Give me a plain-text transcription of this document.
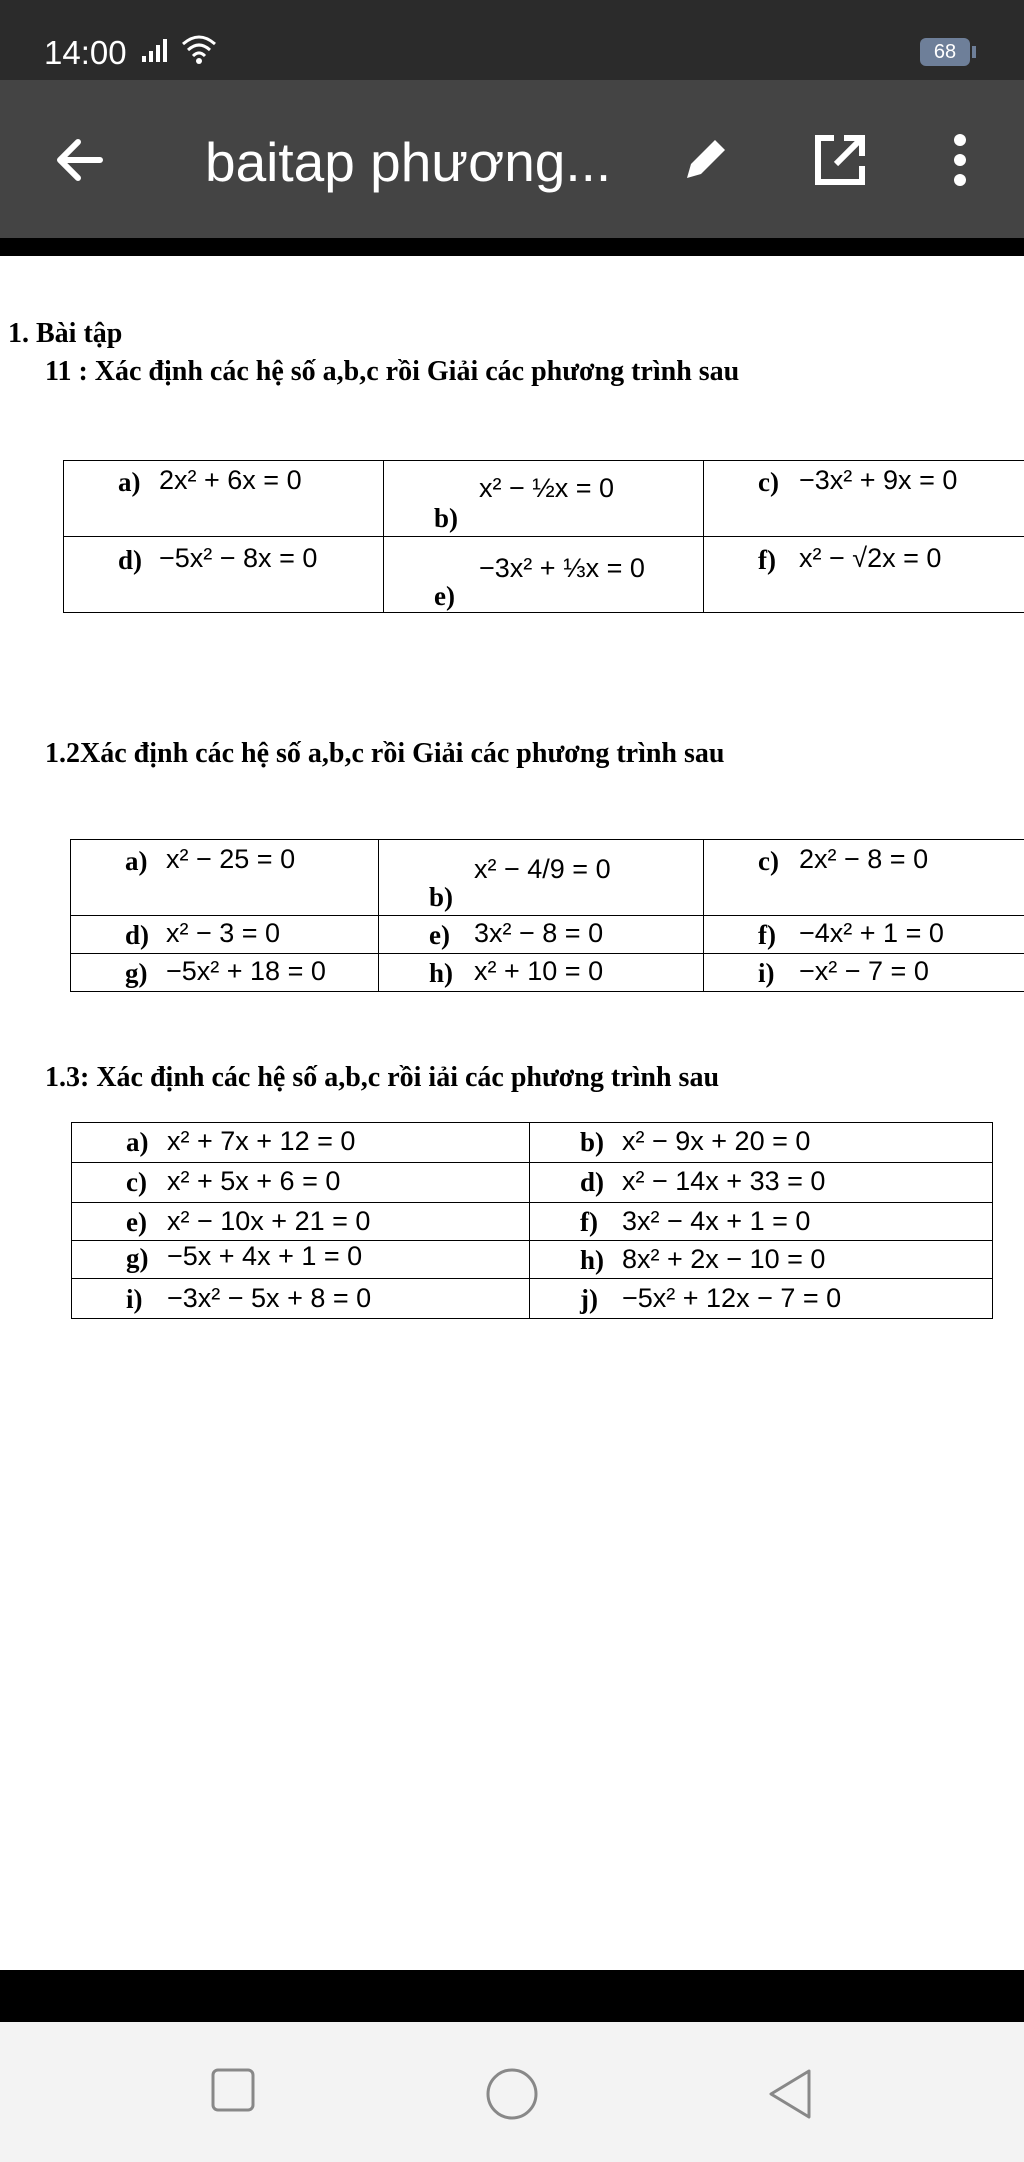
14:00	68
baitap phương...
1. Bài tập
11 : Xác định các hệ số a,b,c rồi Giải các phương trình sau
a) 2x² + 6x = 0	b)
x² − ½x = 0	c) −3x² + 9x = 0

d) −5x² − 8x = 0	e)
−3x² + ⅓x = 0	f) x² − √2x = 0
1.2Xác định các hệ số a,b,c rồi Giải các phương trình sau
a) x² − 25 = 0	b)
x² − 4/9 = 0	c) 2x² − 8 = 0

d) x² − 3 = 0	e) 3x² − 8 = 0	f) −4x² + 1 = 0

g) −5x² + 18 = 0	h) x² + 10 = 0	i) −x² − 7 = 0
1.3: Xác định các hệ số a,b,c rồi iải các phương trình sau
a) x² + 7x + 12 = 0	b) x² − 9x + 20 = 0

c) x² + 5x + 6 = 0	d) x² − 14x + 33 = 0

e) x² − 10x + 21 = 0	f) 3x² − 4x + 1 = 0

g) −5x + 4x + 1 = 0	h) 8x² + 2x − 10 = 0

i) −3x² − 5x + 8 = 0	j) −5x² + 12x − 7 = 0
